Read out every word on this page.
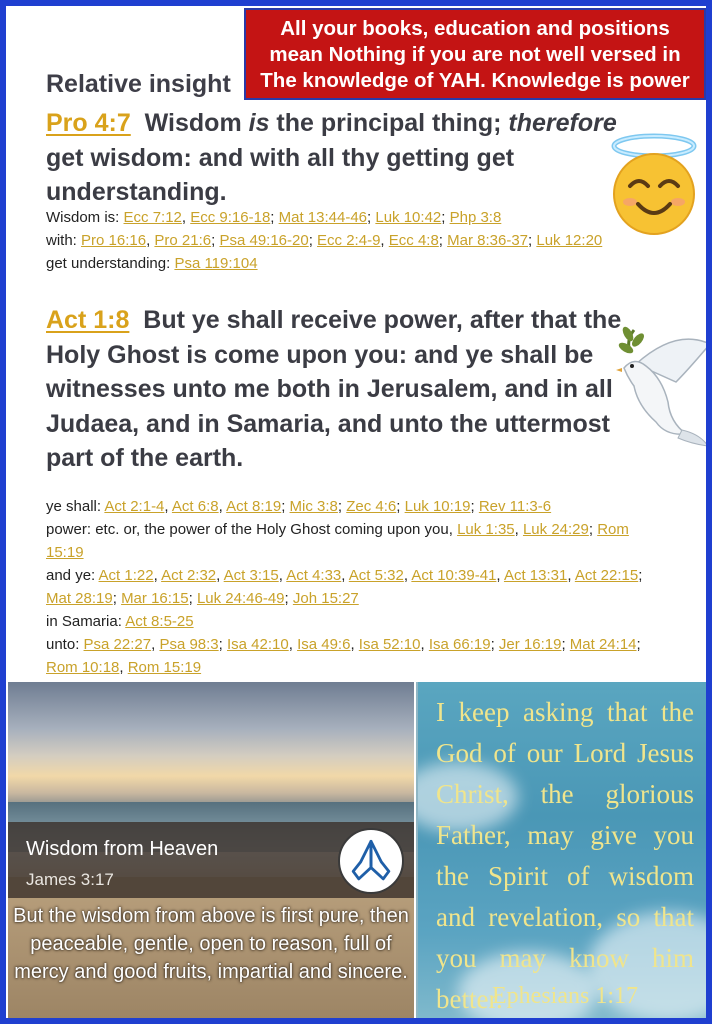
All your books, education and positions
mean Nothing if you are not well versed in
The knowledge of YAH. Knowledge is power
Relative insight
Pro 4:7 Wisdom is the principal thing; therefore get wisdom: and with all thy getting get understanding.
Wisdom is: Ecc 7:12, Ecc 9:16-18; Mat 13:44-46; Luk 10:42; Php 3:8
with: Pro 16:16, Pro 21:6; Psa 49:16-20; Ecc 2:4-9, Ecc 4:8; Mar 8:36-37; Luk 12:20
get understanding: Psa 119:104
Act 1:8 But ye shall receive power, after that the Holy Ghost is come upon you: and ye shall be witnesses unto me both in Jerusalem, and in all Judaea, and in Samaria, and unto the uttermost part of the earth.
ye shall: Act 2:1-4, Act 6:8, Act 8:19; Mic 3:8; Zec 4:6; Luk 10:19; Rev 11:3-6
power: etc. or, the power of the Holy Ghost coming upon you, Luk 1:35, Luk 24:29; Rom 15:19
and ye: Act 1:22, Act 2:32, Act 3:15, Act 4:33, Act 5:32, Act 10:39-41, Act 13:31, Act 22:15; Mat 28:19; Mar 16:15; Luk 24:46-49; Joh 15:27
in Samaria: Act 8:5-25
unto: Psa 22:27, Psa 98:3; Isa 42:10, Isa 49:6, Isa 52:10, Isa 66:19; Jer 16:19; Mat 24:14; Rom 10:18, Rom 15:19
Wisdom from Heaven
James 3:17
But the wisdom from above is first pure, then peaceable, gentle, open to reason, full of mercy and good fruits, impartial and sincere.
I keep asking that the God of our Lord Jesus Christ, the glorious Father, may give you the Spirit of wisdom and revelation, so that you may know him better.
Ephesians 1:17
